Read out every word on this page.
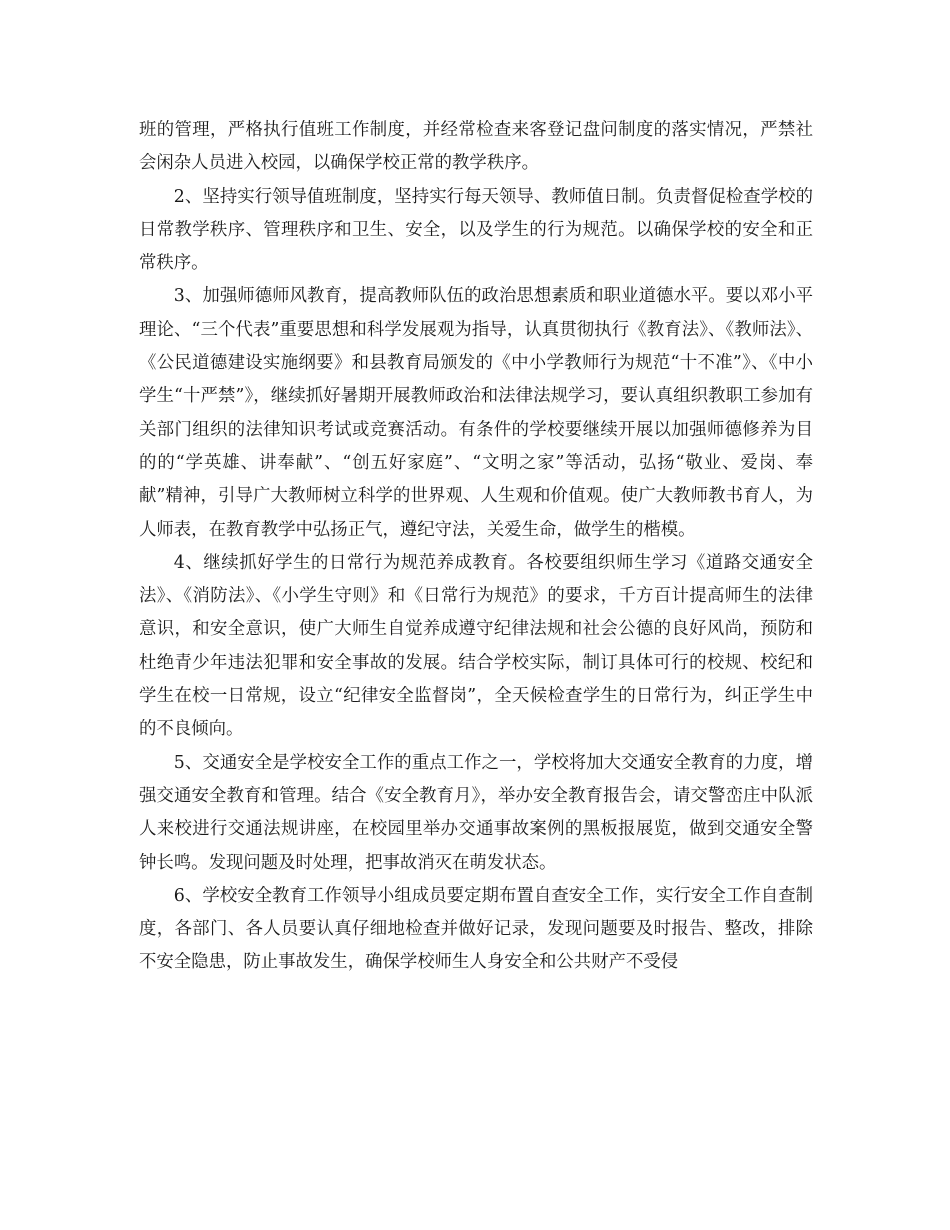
班的管理，严格执行值班工作制度，并经常检查来客登记盘问制度的落实情况，严禁社会闲杂人员进入校园，以确保学校正常的教学秩序。

2、坚持实行领导值班制度，坚持实行每天领导、教师值日制。负责督促检查学校的日常教学秩序、管理秩序和卫生、安全，以及学生的行为规范。以确保学校的安全和正常秩序。

3、加强师德师风教育，提高教师队伍的政治思想素质和职业道德水平。要以邓小平理论、“三个代表”重要思想和科学发展观为指导，认真贯彻执行《教育法》、《教师法》、《公民道德建设实施纲要》和县教育局颁发的《中小学教师行为规范“十不准”》、《中小学生“十严禁”》，继续抓好暑期开展教师政治和法律法规学习，要认真组织教职工参加有关部门组织的法律知识考试或竞赛活动。有条件的学校要继续开展以加强师德修养为目的的“学英雄、讲奉献”、“创五好家庭”、“文明之家”等活动，弘扬“敬业、爱岗、奉献”精神，引导广大教师树立科学的世界观、人生观和价值观。使广大教师教书育人，为人师表，在教育教学中弘扬正气，遵纪守法，关爱生命，做学生的楷模。

4、继续抓好学生的日常行为规范养成教育。各校要组织师生学习《道路交通安全法》、《消防法》、《小学生守则》和《日常行为规范》的要求，千方百计提高师生的法律意识，和安全意识，使广大师生自觉养成遵守纪律法规和社会公德的良好风尚，预防和杜绝青少年违法犯罪和安全事故的发展。结合学校实际，制订具体可行的校规、校纪和学生在校一日常规，设立“纪律安全监督岗”，全天候检查学生的日常行为，纠正学生中的不良倾向。

5、交通安全是学校安全工作的重点工作之一，学校将加大交通安全教育的力度，增强交通安全教育和管理。结合《安全教育月》，举办安全教育报告会，请交警峦庄中队派人来校进行交通法规讲座，在校园里举办交通事故案例的黑板报展览，做到交通安全警钟长鸣。发现问题及时处理，把事故消灭在萌发状态。

6、学校安全教育工作领导小组成员要定期布置自查安全工作，实行安全工作自查制度，各部门、各人员要认真仔细地检查并做好记录，发现问题要及时报告、整改，排除不安全隐患，防止事故发生，确保学校师生人身安全和公共财产不受侵
